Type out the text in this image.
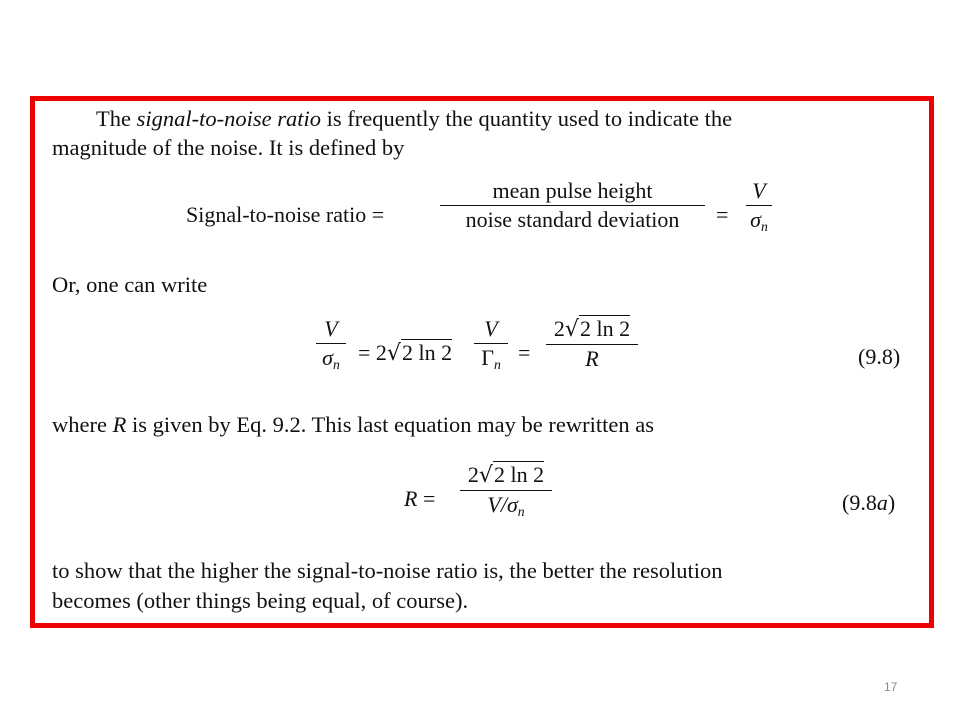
The signal-to-noise ratio is frequently the quantity used to indicate the
magnitude of the noise. It is defined by
Signal-to-noise ratio =
mean pulse height
noise standard deviation	=
V
$\sigma_n$
Or, one can write
V
$\sigma_n = 2√2$ ln 2
V
$\Gamma_n$ =
2√2 ln 2
R	(9.8)
where R is given by Eq. 9.2. This last equation may be rewritten as
R =
2√2 ln 2
$V/\sigma_n$	(9.8a)
to show that the higher the signal-to-noise ratio is, the better the resolution
becomes (other things being equal, of course).
17
